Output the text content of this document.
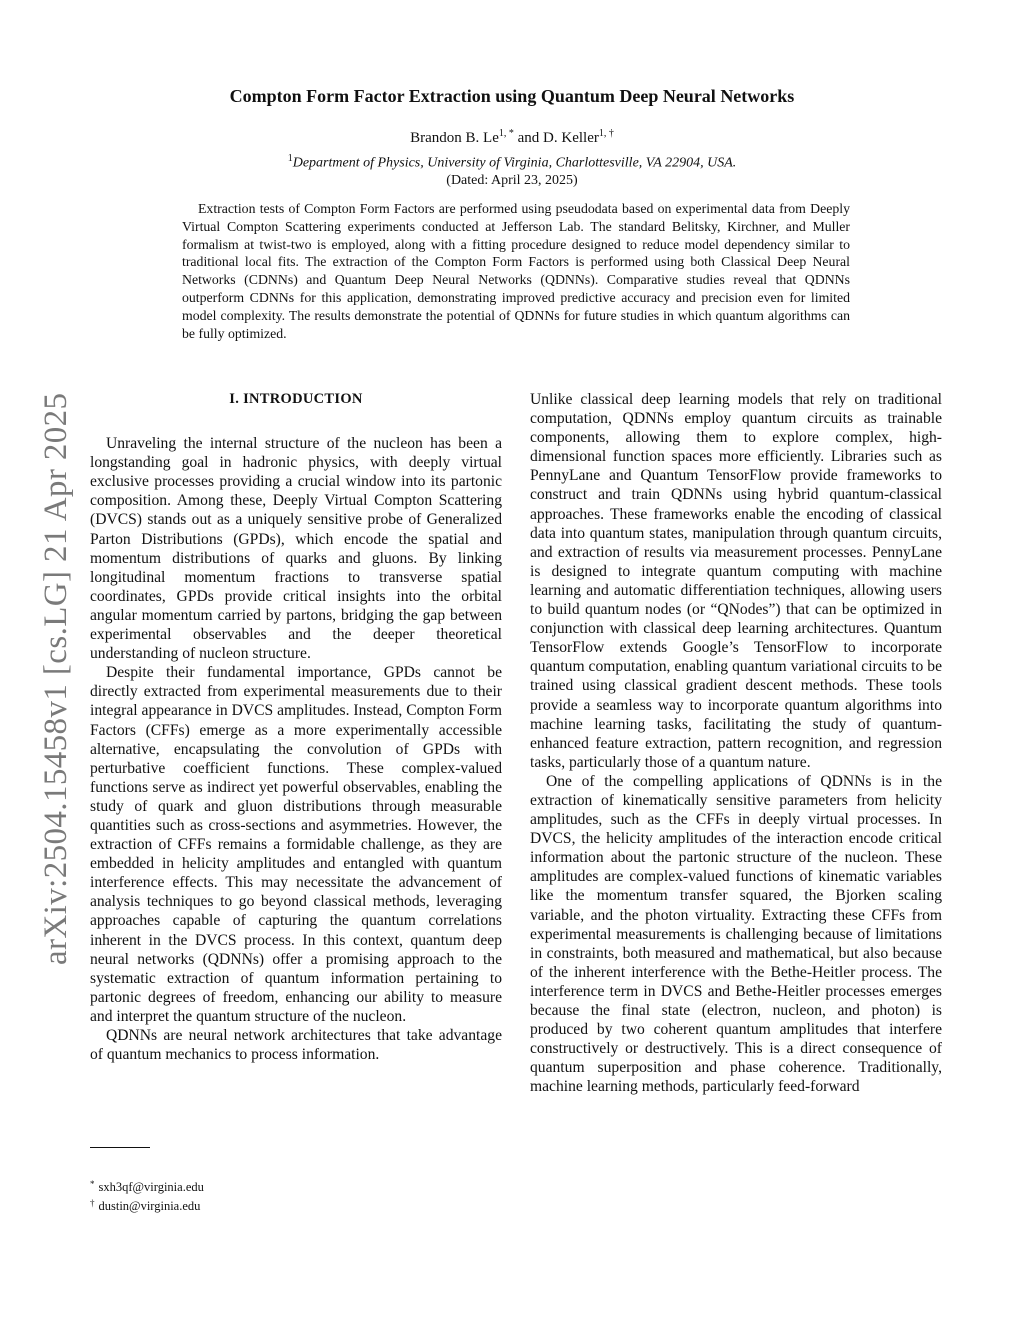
arXiv:2504.15458v1 [cs.LG] 21 Apr 2025
Compton Form Factor Extraction using Quantum Deep Neural Networks
Brandon B. $Le^{1, *}$ and D. Keller$^{1, \dagger}$
$^1$Department of Physics, University of Virginia, Charlottesville, VA 22904, USA.
(Dated: April 23, 2025)
Extraction tests of Compton Form Factors are performed using pseudodata based on experimental data from Deeply Virtual Compton Scattering experiments conducted at Jefferson Lab. The standard Belitsky, Kirchner, and Muller formalism at twist-two is employed, along with a fitting procedure designed to reduce model dependency similar to traditional local fits. The extraction of the Compton Form Factors is performed using both Classical Deep Neural Networks (CDNNs) and Quantum Deep Neural Networks (QDNNs). Comparative studies reveal that QDNNs outperform CDNNs for this application, demonstrating improved predictive accuracy and precision even for limited model complexity. The results demonstrate the potential of QDNNs for future studies in which quantum algorithms can be fully optimized.
I. INTRODUCTION

Unraveling the internal structure of the nucleon has been a longstanding goal in hadronic physics, with deeply virtual exclusive processes providing a crucial window into its partonic composition. Among these, Deeply Virtual Compton Scattering (DVCS) stands out as a uniquely sensitive probe of Generalized Parton Distributions (GPDs), which encode the spatial and momentum distributions of quarks and gluons. By linking longitudinal momentum fractions to transverse spatial coordinates, GPDs provide critical insights into the orbital angular momentum carried by partons, bridging the gap between experimental observables and the deeper theoretical understanding of nucleon structure.

Despite their fundamental importance, GPDs cannot be directly extracted from experimental measurements due to their integral appearance in DVCS amplitudes. Instead, Compton Form Factors (CFFs) emerge as a more experimentally accessible alternative, encapsulating the convolution of GPDs with perturbative coefficient functions. These complex-valued functions serve as indirect yet powerful observables, enabling the study of quark and gluon distributions through measurable quantities such as cross-sections and asymmetries. However, the extraction of CFFs remains a formidable challenge, as they are embedded in helicity amplitudes and entangled with quantum interference effects. This may necessitate the advancement of analysis techniques to go beyond classical methods, leveraging approaches capable of capturing the quantum correlations inherent in the DVCS process. In this context, quantum deep neural networks (QDNNs) offer a promising approach to the systematic extraction of quantum information pertaining to partonic degrees of freedom, enhancing our ability to measure and interpret the quantum structure of the nucleon.

QDNNs are neural network architectures that take advantage of quantum mechanics to process information.

Unlike classical deep learning models that rely on traditional computation, QDNNs employ quantum circuits as trainable components, allowing them to explore complex, high-dimensional function spaces more efficiently. Libraries such as PennyLane and Quantum TensorFlow provide frameworks to construct and train QDNNs using hybrid quantum-classical approaches. These frameworks enable the encoding of classical data into quantum states, manipulation through quantum circuits, and extraction of results via measurement processes. PennyLane is designed to integrate quantum computing with machine learning and automatic differentiation techniques, allowing users to build quantum nodes (or “QNodes”) that can be optimized in conjunction with classical deep learning architectures. Quantum TensorFlow extends Google’s TensorFlow to incorporate quantum computation, enabling quantum variational circuits to be trained using classical gradient descent methods. These tools provide a seamless way to incorporate quantum algorithms into machine learning tasks, facilitating the study of quantum-enhanced feature extraction, pattern recognition, and regression tasks, particularly those of a quantum nature.

One of the compelling applications of QDNNs is in the extraction of kinematically sensitive parameters from helicity amplitudes, such as the CFFs in deeply virtual processes. In DVCS, the helicity amplitudes of the interaction encode critical information about the partonic structure of the nucleon. These amplitudes are complex-valued functions of kinematic variables like the momentum transfer squared, the Bjorken scaling variable, and the photon virtuality. Extracting these CFFs from experimental measurements is challenging because of limitations in constraints, both measured and mathematical, but also because of the inherent interference with the Bethe-Heitler process. The interference term in DVCS and Bethe-Heitler processes emerges because the final state (electron, nucleon, and photon) is produced by two coherent quantum amplitudes that interfere constructively or destructively. This is a direct consequence of quantum superposition and phase coherence. Traditionally, machine learning methods, particularly feed-forward

* sxh3qf@virginia.edu

† dustin@virginia.edu
